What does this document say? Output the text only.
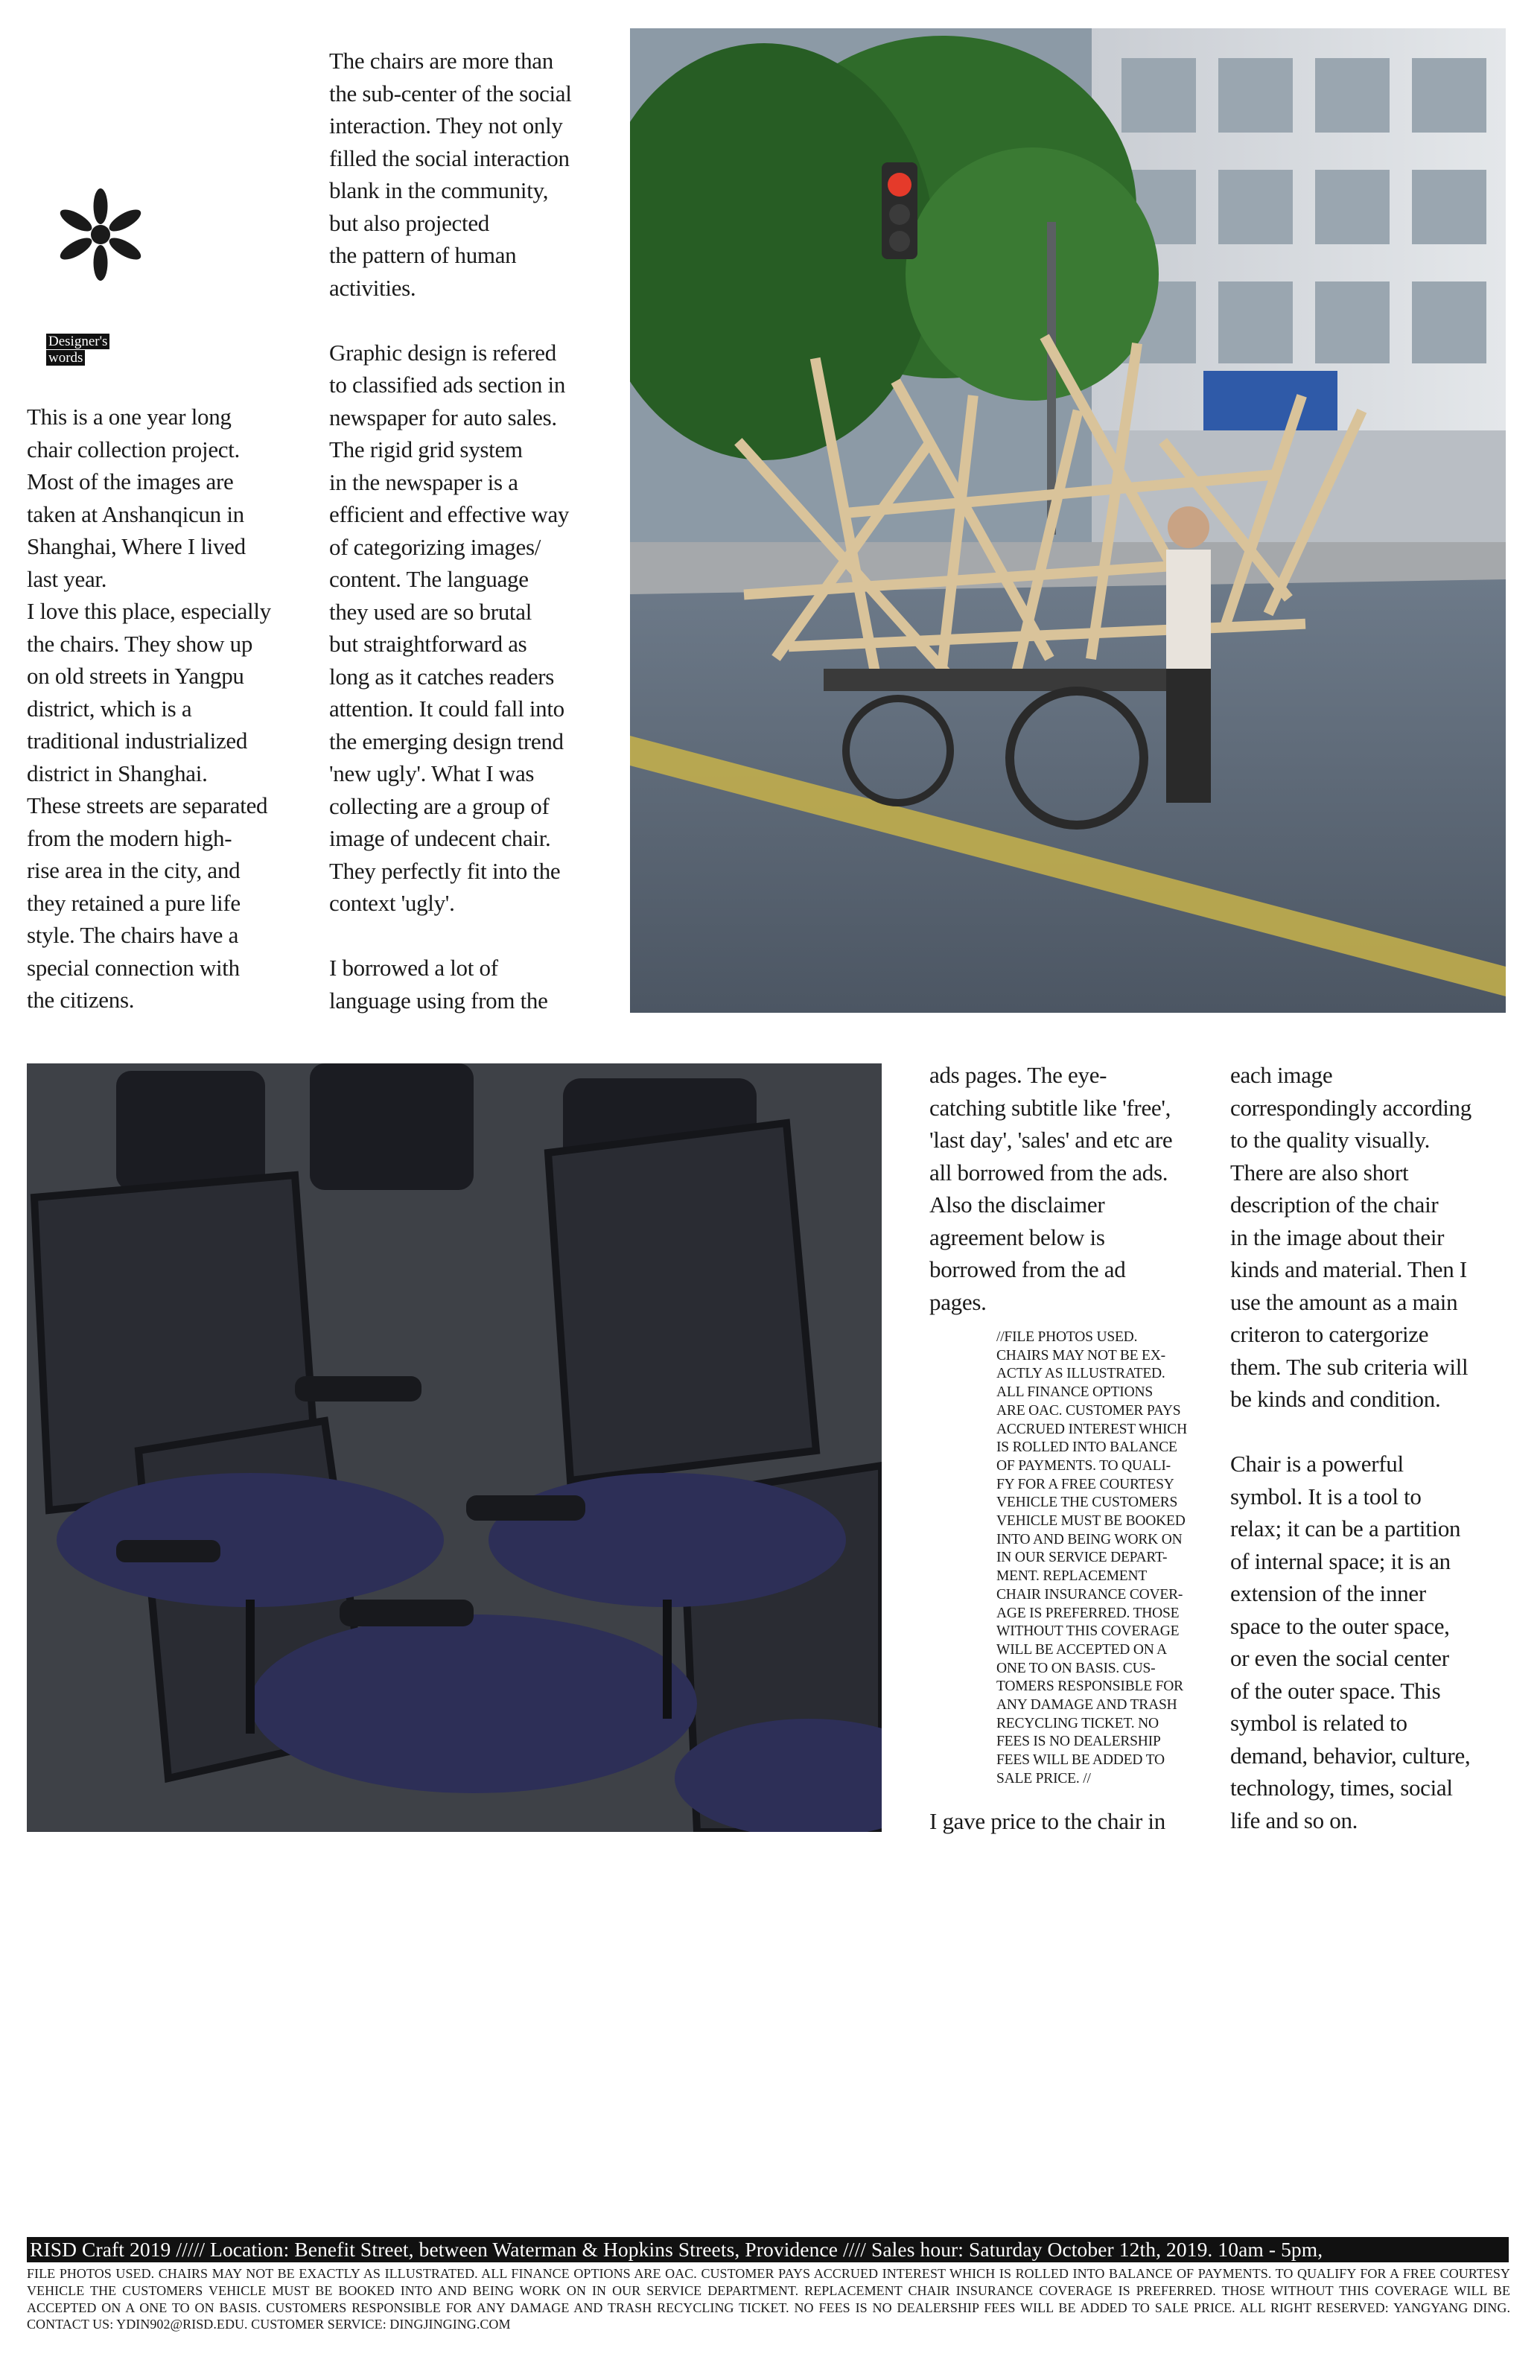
Designer's
words

This is a one year long
chair collection project.
Most of the images are
taken at Anshanqicun in
Shanghai, Where I lived
last year.
I love this place, especially
the chairs. They show up
on old streets in Yangpu
district, which is a
traditional industrialized
district in Shanghai.
These streets are separated
from the modern high-
rise area in the city, and
they retained a pure life
style. The chairs have a
special connection with
the citizens.

The chairs are more than
the sub-center of the social
interaction. They not only
filled the social interaction
blank in the community,
but also projected
the pattern of human
activities.

Graphic design is refered
to classified ads section in
newspaper for auto sales.
The rigid grid system
in the newspaper is a
efficient and effective way
of categorizing images/
content. The language
they used are so brutal
but straightforward as
long as it catches readers
attention. It could fall into
the emerging design trend
'new ugly'. What I was
collecting are a group of
image of undecent chair.
They perfectly fit into the
context 'ugly'.

I borrowed a lot of
language using from the

ads pages. The eye-
catching subtitle like 'free',
'last day', 'sales' and etc are
all borrowed from the ads.
Also the disclaimer
agreement below is
borrowed from the ad
pages.

//FILE PHOTOS USED.
CHAIRS MAY NOT BE EX-
ACTLY AS ILLUSTRATED.
ALL FINANCE OPTIONS
ARE OAC. CUSTOMER PAYS
ACCRUED INTEREST WHICH
IS ROLLED INTO BALANCE
OF PAYMENTS. TO QUALI-
FY FOR A FREE COURTESY
VEHICLE THE CUSTOMERS
VEHICLE MUST BE BOOKED
INTO AND BEING WORK ON
IN OUR SERVICE DEPART-
MENT. REPLACEMENT
CHAIR INSURANCE COVER-
AGE IS PREFERRED. THOSE
WITHOUT THIS COVERAGE
WILL BE ACCEPTED ON A
ONE TO ON BASIS. CUS-
TOMERS RESPONSIBLE FOR
ANY DAMAGE AND TRASH
RECYCLING TICKET. NO
FEES IS NO DEALERSHIP
FEES WILL BE ADDED TO
SALE PRICE. //

I gave price to the chair in

each image
correspondingly according
to the quality visually.
There are also short
description of the chair
in the image about their
kinds and material. Then I
use the amount as a main
criteron to catergorize
them. The sub criteria will
be kinds and condition.

Chair is a powerful
symbol. It is a tool to
relax; it can be a partition
of internal space; it is an
extension of the inner
space to the outer space,
or even the social center
of the outer space. This
symbol is related to
demand, behavior, culture,
technology, times, social
life and so on.

RISD Craft 2019 ///// Location: Benefit Street, between Waterman & Hopkins Streets, Providence //// Sales hour: Saturday October 12th, 2019. 10am - 5pm,

FILE PHOTOS USED. CHAIRS MAY NOT BE EXACTLY AS ILLUSTRATED. ALL FINANCE OPTIONS ARE OAC. CUSTOMER PAYS ACCRUED INTEREST WHICH IS ROLLED INTO BALANCE OF PAYMENTS. TO QUALIFY FOR A FREE COURTESY VEHICLE THE CUSTOMERS VEHICLE MUST BE BOOKED INTO AND BEING WORK ON IN OUR SERVICE DEPARTMENT. REPLACEMENT CHAIR INSURANCE COVERAGE IS PREFERRED. THOSE WITHOUT THIS COVERAGE WILL BE ACCEPTED ON A ONE TO ON BASIS. CUSTOMERS RESPONSIBLE FOR ANY DAMAGE AND TRASH RECYCLING TICKET. NO FEES IS NO DEALERSHIP FEES WILL BE ADDED TO SALE PRICE. ALL RIGHT RESERVED: YANGYANG DING. CONTACT US: YDIN902@RISD.EDU. CUSTOMER SERVICE: DINGJINGING.COM
